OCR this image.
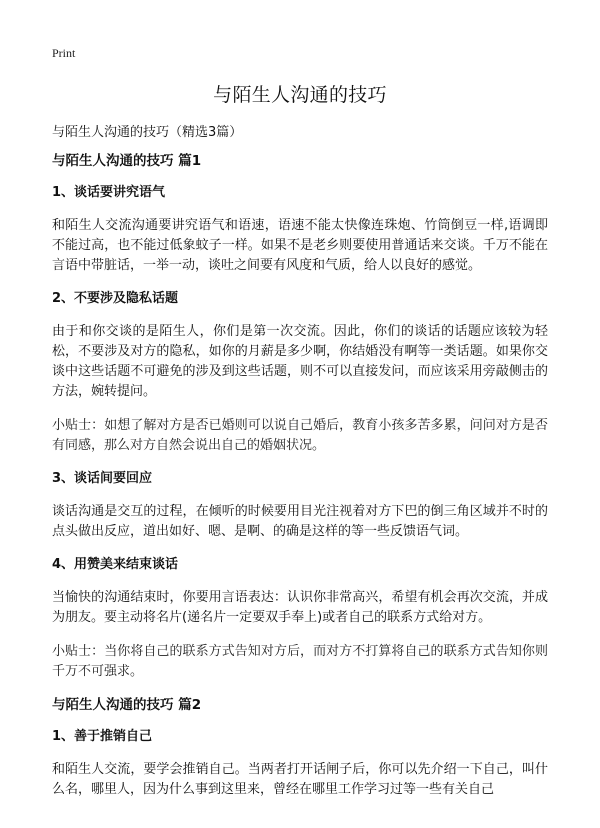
Print
与陌生人沟通的技巧

与陌生人沟通的技巧（精选3篇）

与陌生人沟通的技巧 篇1
1、谈话要讲究语气

和陌生人交流沟通要讲究语气和语速，语速不能太快像连珠炮、竹筒倒豆一样,语调即不能过高，也不能过低象蚊子一样。如果不是老乡则要使用普通话来交谈。千万不能在言语中带脏话，一举一动，谈吐之间要有风度和气质，给人以良好的感觉。

2、不要涉及隐私话题

由于和你交谈的是陌生人，你们是第一次交流。因此，你们的谈话的话题应该较为轻松，不要涉及对方的隐私，如你的月薪是多少啊，你结婚没有啊等一类话题。如果你交谈中这些话题不可避免的涉及到这些话题，则不可以直接发问，而应该采用旁敲侧击的方法，婉转提问。

小贴士：如想了解对方是否已婚则可以说自己婚后，教育小孩多苦多累，问问对方是否有同感，那么对方自然会说出自己的婚姻状况。

3、谈话间要回应

谈话沟通是交互的过程，在倾听的时候要用目光注视着对方下巴的倒三角区域并不时的点头做出反应，道出如好、嗯、是啊、的确是这样的等一些反馈语气词。

4、用赞美来结束谈话

当愉快的沟通结束时，你要用言语表达：认识你非常高兴，希望有机会再次交流，并成为朋友。要主动将名片(递名片一定要双手奉上)或者自己的联系方式给对方。

小贴士：当你将自己的联系方式告知对方后，而对方不打算将自己的联系方式告知你则千万不可强求。

与陌生人沟通的技巧 篇2
1、善于推销自己

和陌生人交流，要学会推销自己。当两者打开话闸子后，你可以先介绍一下自己，叫什么名，哪里人，因为什么事到这里来，曾经在哪里工作学习过等一些有关自己
